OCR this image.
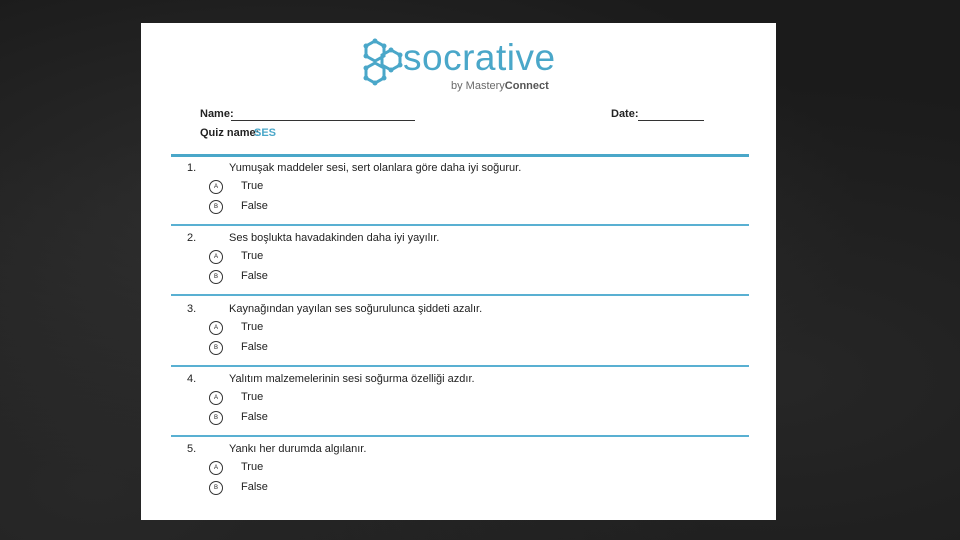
socrative
by MasteryConnect
Name:	Date:
Quiz name:
SES
1.	Yumuşak maddeler sesi, sert olanlara göre daha iyi soğurur.
A	True
B	False
2.	Ses boşlukta havadakinden daha iyi yayılır.
A	True
B	False
3.	Kaynağından yayılan ses soğurulunca şiddeti azalır.
A	True
B	False
4.	Yalıtım malzemelerinin sesi soğurma özelliği azdır.
A	True
B	False
5.	Yankı her durumda algılanır.
A	True
B	False
